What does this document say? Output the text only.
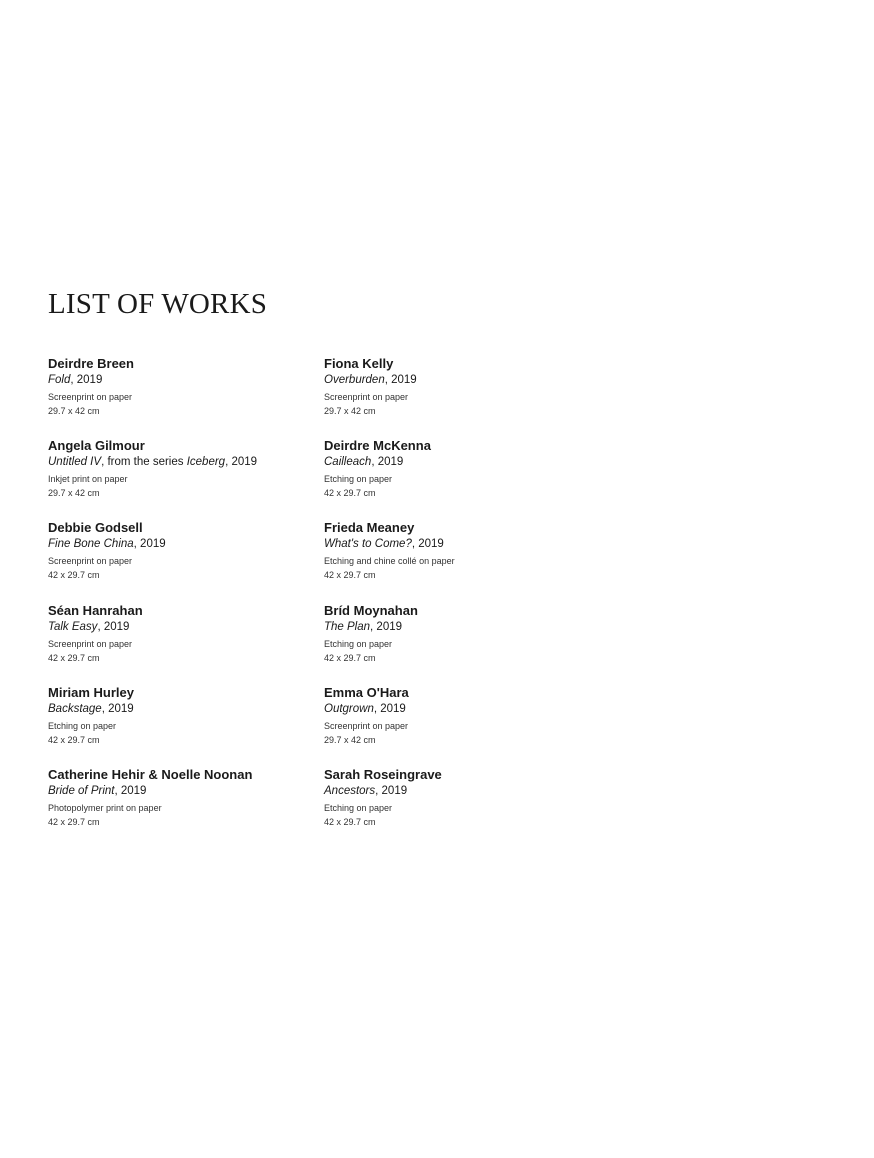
LIST OF WORKS
Deirdre Breen
Fold, 2019
Screenprint on paper
29.7 x 42 cm
Angela Gilmour
Untitled IV, from the series Iceberg, 2019
Inkjet print on paper
29.7 x 42 cm
Debbie Godsell
Fine Bone China, 2019
Screenprint on paper
42 x 29.7 cm
Séan Hanrahan
Talk Easy, 2019
Screenprint on paper
42 x 29.7 cm
Miriam Hurley
Backstage, 2019
Etching on paper
42 x 29.7 cm
Catherine Hehir & Noelle Noonan
Bride of Print, 2019
Photopolymer print on paper
42 x 29.7 cm
Fiona Kelly
Overburden, 2019
Screenprint on paper
29.7 x 42 cm
Deirdre McKenna
Cailleach, 2019
Etching on paper
42 x 29.7 cm
Frieda Meaney
What's to Come?, 2019
Etching and chine collé on paper
42 x 29.7 cm
Bríd Moynahan
The Plan, 2019
Etching on paper
42 x 29.7 cm
Emma O'Hara
Outgrown, 2019
Screenprint on paper
29.7 x 42 cm
Sarah Roseingrave
Ancestors, 2019
Etching on paper
42 x 29.7 cm
